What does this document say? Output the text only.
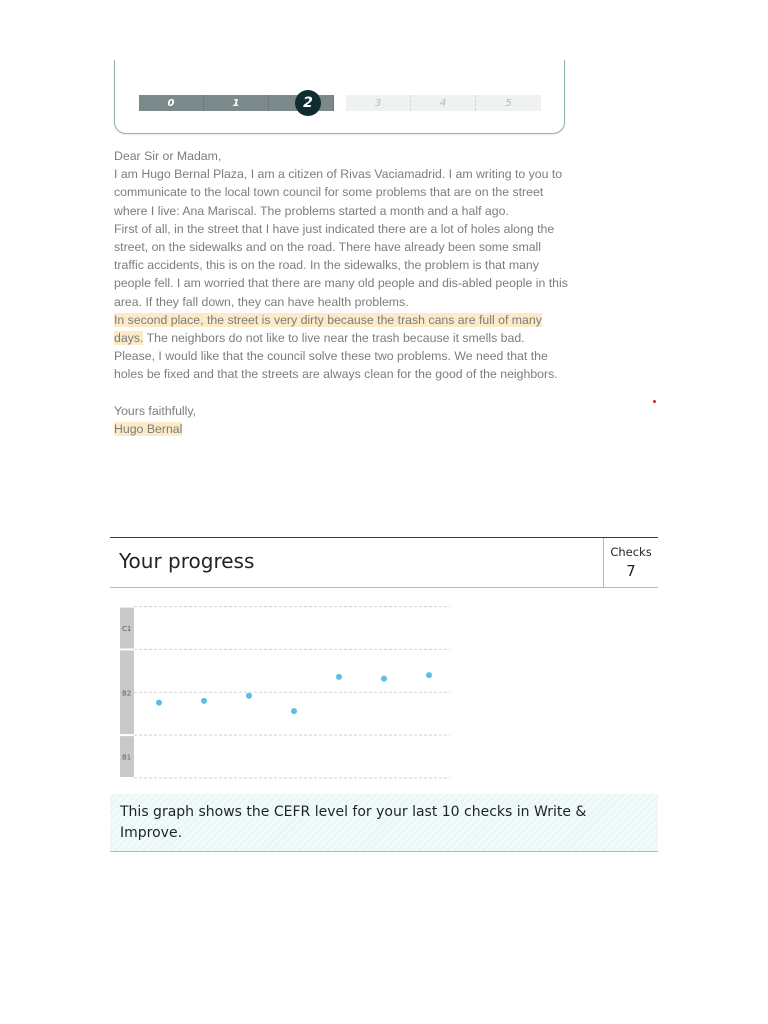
0	1	3	4	5
2

Dear Sir or Madam,

I am Hugo Bernal Plaza, I am a citizen of Rivas Vaciamadrid. I am writing to you to communicate to the local town council for some problems that are on the street where I live: Ana Mariscal. The problems started a month and a half ago.

First of all, in the street that I have just indicated there are a lot of holes along the street, on the sidewalks and on the road. There have already been some small traffic accidents, this is on the road. In the sidewalks, the problem is that many people fell. I am worried that there are many old people and dis-abled people in this area. If they fall down, they can have health problems.

In second place, the street is very dirty because the trash cans are full of many days. The neighbors do not like to live near the trash because it smells bad.

Please, I would like that the council solve these two problems. We need that the holes be fixed and that the streets are always clean for the good of the neighbors.

Yours faithfully,

Hugo Bernal

Your progress	Checks
7
C1
B2
B1
This graph shows the CEFR level for your last 10 checks in Write & Improve.
